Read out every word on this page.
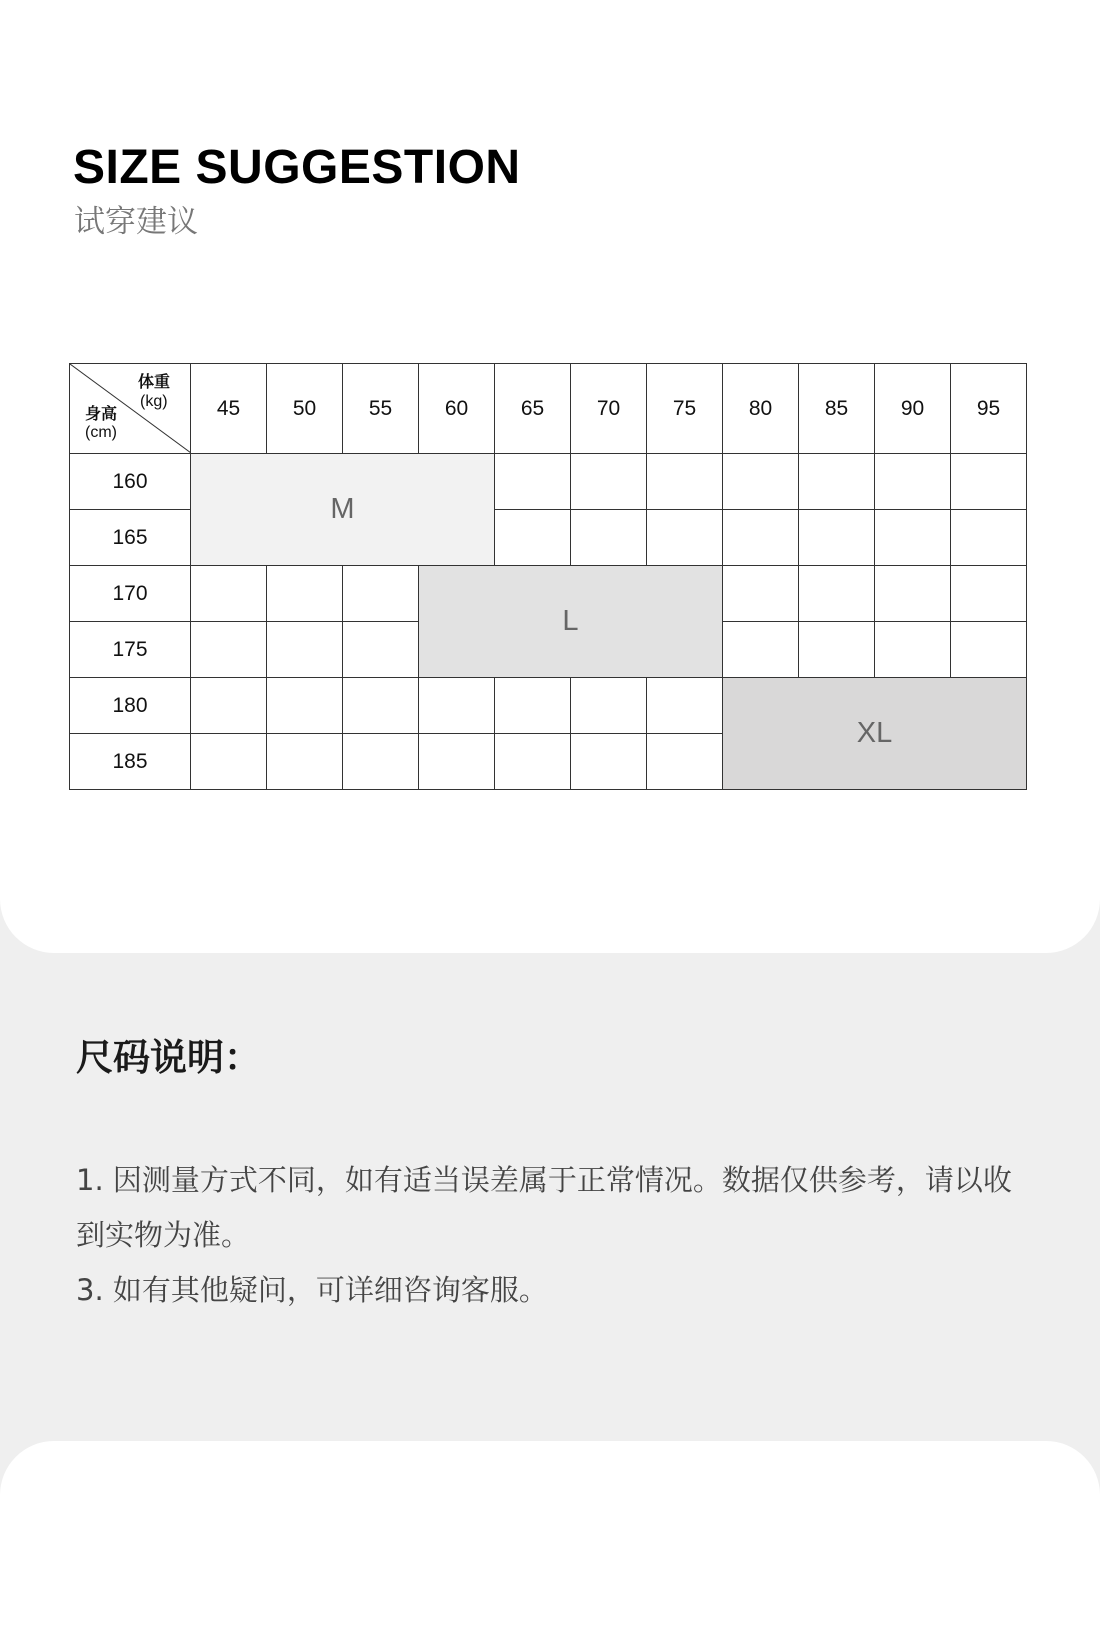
SIZE SUGGESTION
试穿建议
体重
(kg)
身高
(cm)	45	50	55	60	65	70	75	80	85	90	95
160	M										
165											
170				L							
175											
180								XL			
185											
尺码说明：

1. 因测量方式不同，如有适当误差属于正常情况。数据仅供参考，请以收到实物为准。

3. 如有其他疑问，可详细咨询客服。
